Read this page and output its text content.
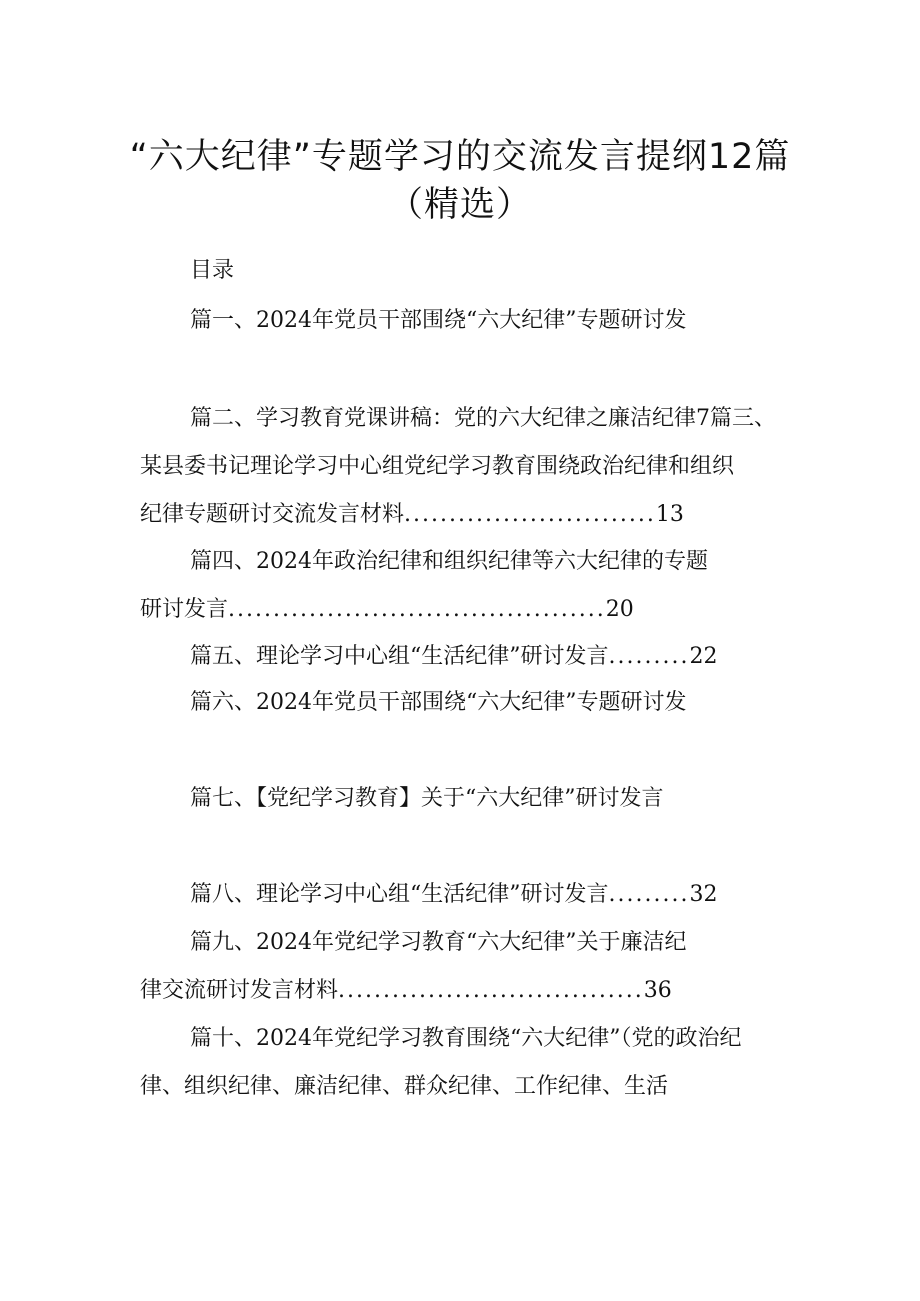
“六大纪律”专题学习的交流发言提纲12篇
（精选）
目录
篇一、2024年党员干部围绕“六大纪律”专题研讨发
篇二、学习教育党课讲稿：党的六大纪律之廉洁纪律7篇三、
某县委书记理论学习中心组党纪学习教育围绕政治纪律和组织
纪律专题研讨交流发言材料 ............................ 13
篇四、2024年政治纪律和组织纪律等六大纪律的专题
研讨发言 .......................................... 20
篇五、理论学习中心组“生活纪律”研讨发言 ......... 22
篇六、2024年党员干部围绕“六大纪律”专题研讨发
篇七、【党纪学习教育】关于“六大纪律”研讨发言
篇八、理论学习中心组“生活纪律”研讨发言 ......... 32
篇九、2024年党纪学习教育“六大纪律”关于廉洁纪
律交流研讨发言材料 .................................. 36
篇十、2024年党纪学习教育围绕“六大纪律”（党的政治纪
律、组织纪律、廉洁纪律、群众纪律、工作纪律、生活
